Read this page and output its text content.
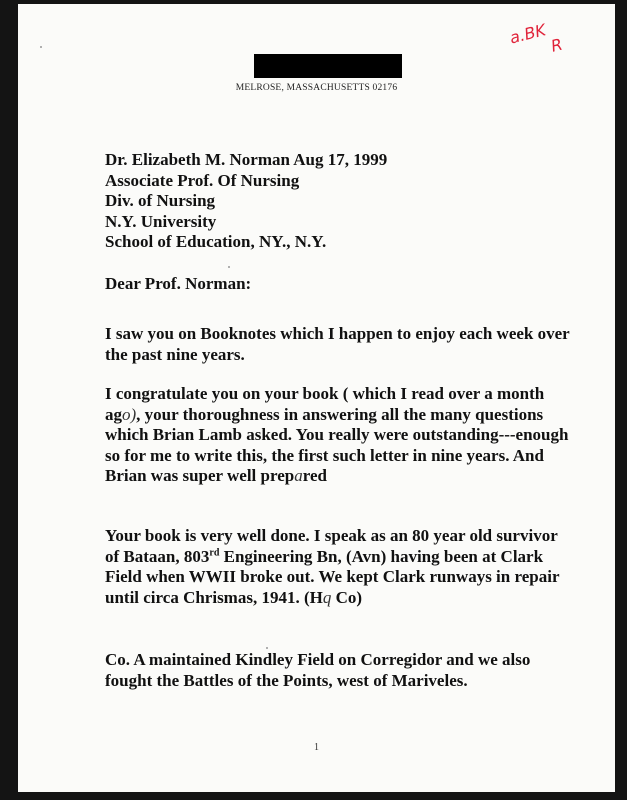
MELROSE, MASSACHUSETTS 02176
a.BK R
Dr. Elizabeth M. Norman Aug 17, 1999
Associate Prof. Of Nursing
Div. of Nursing
N.Y. University
School of Education, NY., N.Y.

Dear Prof. Norman:

I saw you on Booknotes which I happen to enjoy each week over the past nine years.

I congratulate you on your book ( which I read over a month ago), your thoroughness in answering all the many questions which Brian Lamb asked. You really were outstanding---enough so for me to write this, the first such letter in nine years. And Brian was super well prepared

Your book is very well done. I speak as an 80 year old survivor of Bataan, 803rd Engineering Bn, (Avn) having been at Clark Field when WWII broke out. We kept Clark runways in repair until circa Chrismas, 1941. (Hq Co)

Co. A maintained Kindley Field on Corregidor and we also fought the Battles of the Points, west of Mariveles.

1
